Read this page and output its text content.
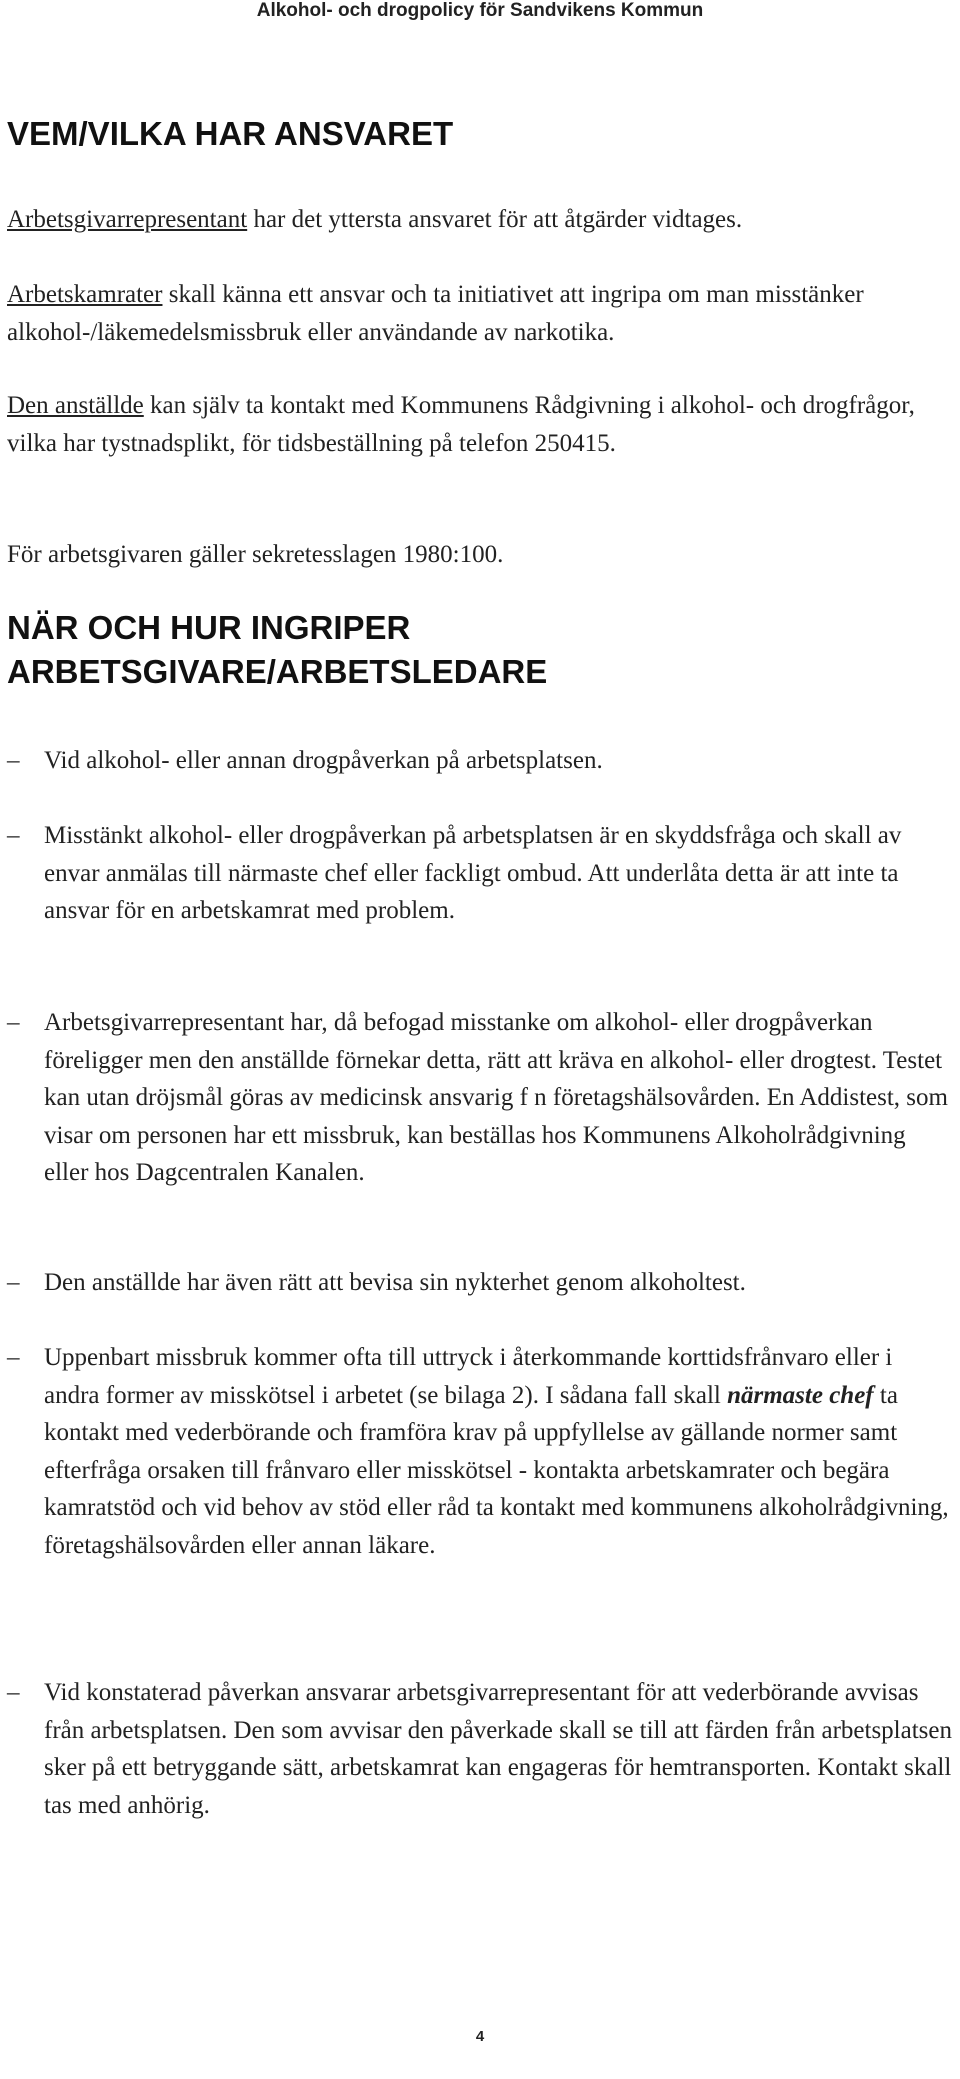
Alkohol- och drogpolicy för Sandvikens Kommun
VEM/VILKA HAR ANSVARET

Arbetsgivarrepresentant har det yttersta ansvaret för att åtgärder vidtages.

Arbetskamrater skall känna ett ansvar och ta initiativet att ingripa om man misstänker alkohol-/läkemedelsmissbruk eller användande av narkotika.

Den anställde kan själv ta kontakt med Kommunens Rådgivning i alkohol- och drogfrågor, vilka har tystnadsplikt, för tidsbeställning på telefon 250415.

För arbetsgivaren gäller sekretesslagen 1980:100.

NÄR OCH HUR INGRIPER
ARBETSGIVARE/ARBETSLEDARE
– Vid alkohol- eller annan drogpåverkan på arbetsplatsen.

– Misstänkt alkohol- eller drogpåverkan på arbetsplatsen är en skyddsfråga och skall av envar anmälas till närmaste chef eller fackligt ombud. Att underlåta detta är att inte ta ansvar för en arbetskamrat med problem.

– Arbetsgivarrepresentant har, då befogad misstanke om alkohol- eller drogpåverkan föreligger men den anställde förnekar detta, rätt att kräva en alkohol- eller drogtest. Testet kan utan dröjsmål göras av medicinsk ansvarig f n företagshälsovården. En Addistest, som visar om personen har ett missbruk, kan beställas hos Kommunens Alkoholrådgivning eller hos Dagcentralen Kanalen.

– Den anställde har även rätt att bevisa sin nykterhet genom alkoholtest.

– Uppenbart missbruk kommer ofta till uttryck i återkommande korttidsfrånvaro eller i andra former av misskötsel i arbetet (se bilaga 2). I sådana fall skall närmaste chef ta kontakt med vederbörande och framföra krav på uppfyllelse av gällande normer samt efterfråga orsaken till frånvaro eller misskötsel - kontakta arbetskamrater och begära kamratstöd och vid behov av stöd eller råd ta kontakt med kommunens alkoholrådgivning, företagshälsovården eller annan läkare.

– Vid konstaterad påverkan ansvarar arbetsgivarrepresentant för att vederbörande avvisas från arbetsplatsen. Den som avvisar den påverkade skall se till att färden från arbetsplatsen sker på ett betryggande sätt, arbetskamrat kan engageras för hemtransporten. Kontakt skall tas med anhörig.

4
